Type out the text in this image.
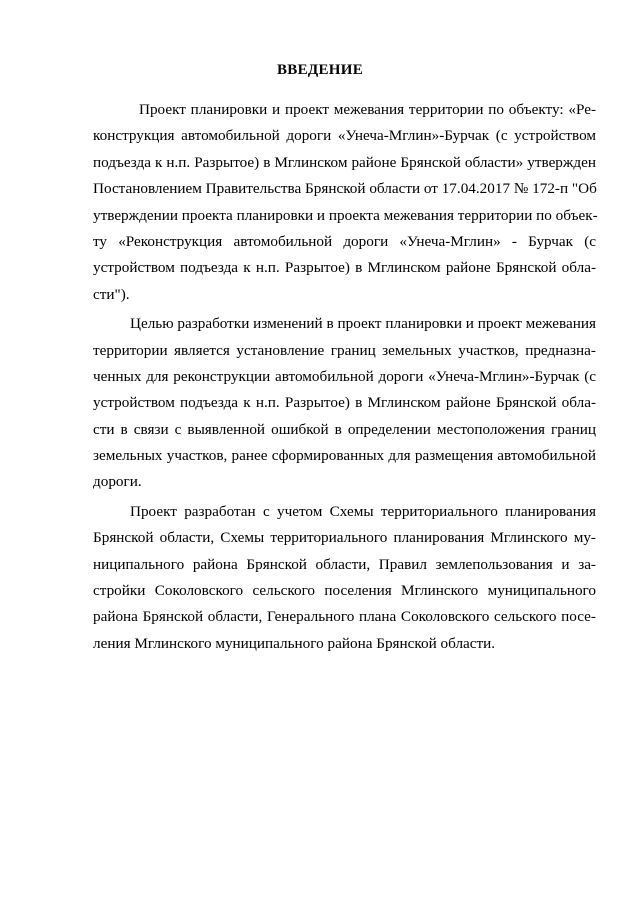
ВВЕДЕНИЕ
Проект планировки и проект межевания территории по объекту: «Ре-
конструкция автомобильной дороги «Унеча-Мглин»-Бурчак (с устройством
подъезда к н.п. Разрытое) в Мглинском районе Брянской области» утвержден
Постановлением Правительства Брянской области от 17.04.2017 № 172-п "Об
утверждении проекта планировки и проекта межевания территории по объек-
ту «Реконструкция автомобильной дороги «Унеча-Мглин» - Бурчак (с
устройством подъезда к н.п. Разрытое) в Мглинском районе Брянской обла-
сти").
Целью разработки изменений в проект планировки и проект межевания
территории является установление границ земельных участков, предназна-
ченных для реконструкции автомобильной дороги «Унеча-Мглин»-Бурчак (с
устройством подъезда к н.п. Разрытое) в Мглинском районе Брянской обла-
сти в связи с выявленной ошибкой в определении местоположения границ
земельных участков, ранее сформированных для размещения автомобильной
дороги.
Проект разработан с учетом Схемы территориального планирования
Брянской области, Схемы территориального планирования Мглинского му-
ниципального района Брянской области, Правил землепользования и за-
стройки Соколовского сельского поселения Мглинского муниципального
района Брянской области, Генерального плана Соколовского сельского посе-
ления Мглинского муниципального района Брянской области.
